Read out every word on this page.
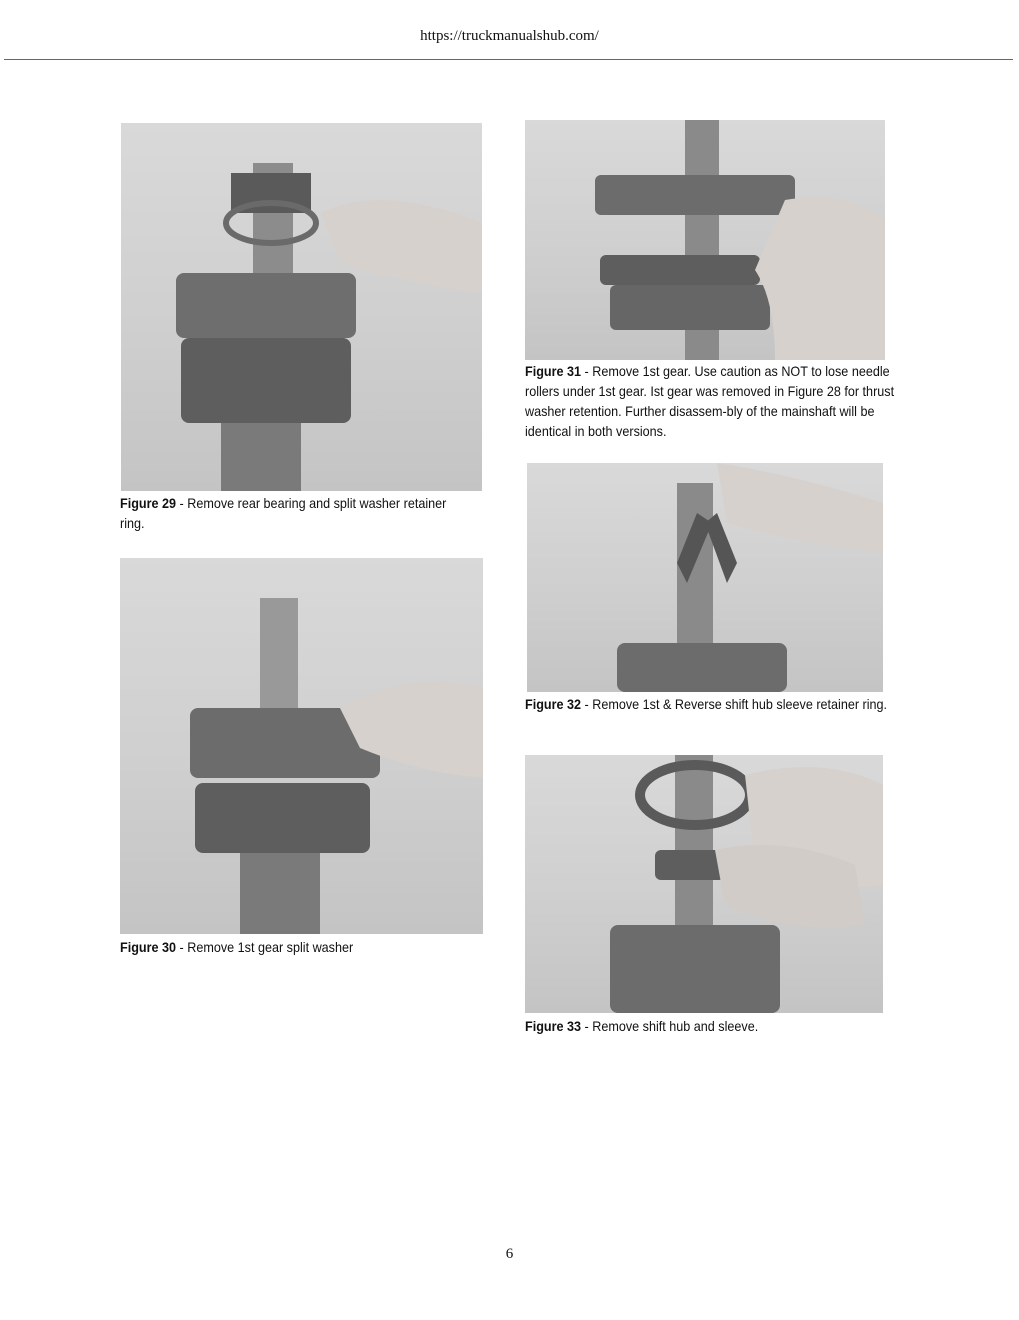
https://truckmanualshub.com/
Figure 29 - Remove rear bearing and split washer retainer ring.
Figure 30 - Remove 1st gear split washer
Figure 31 - Remove 1st gear. Use caution as NOT to lose needle rollers under 1st gear. Ist gear was removed in Figure 28 for thrust washer retention. Further disassem-bly of the mainshaft will be identical in both versions.
Figure 32 - Remove 1st & Reverse shift hub sleeve retainer ring.
Figure 33 - Remove shift hub and sleeve.
6
